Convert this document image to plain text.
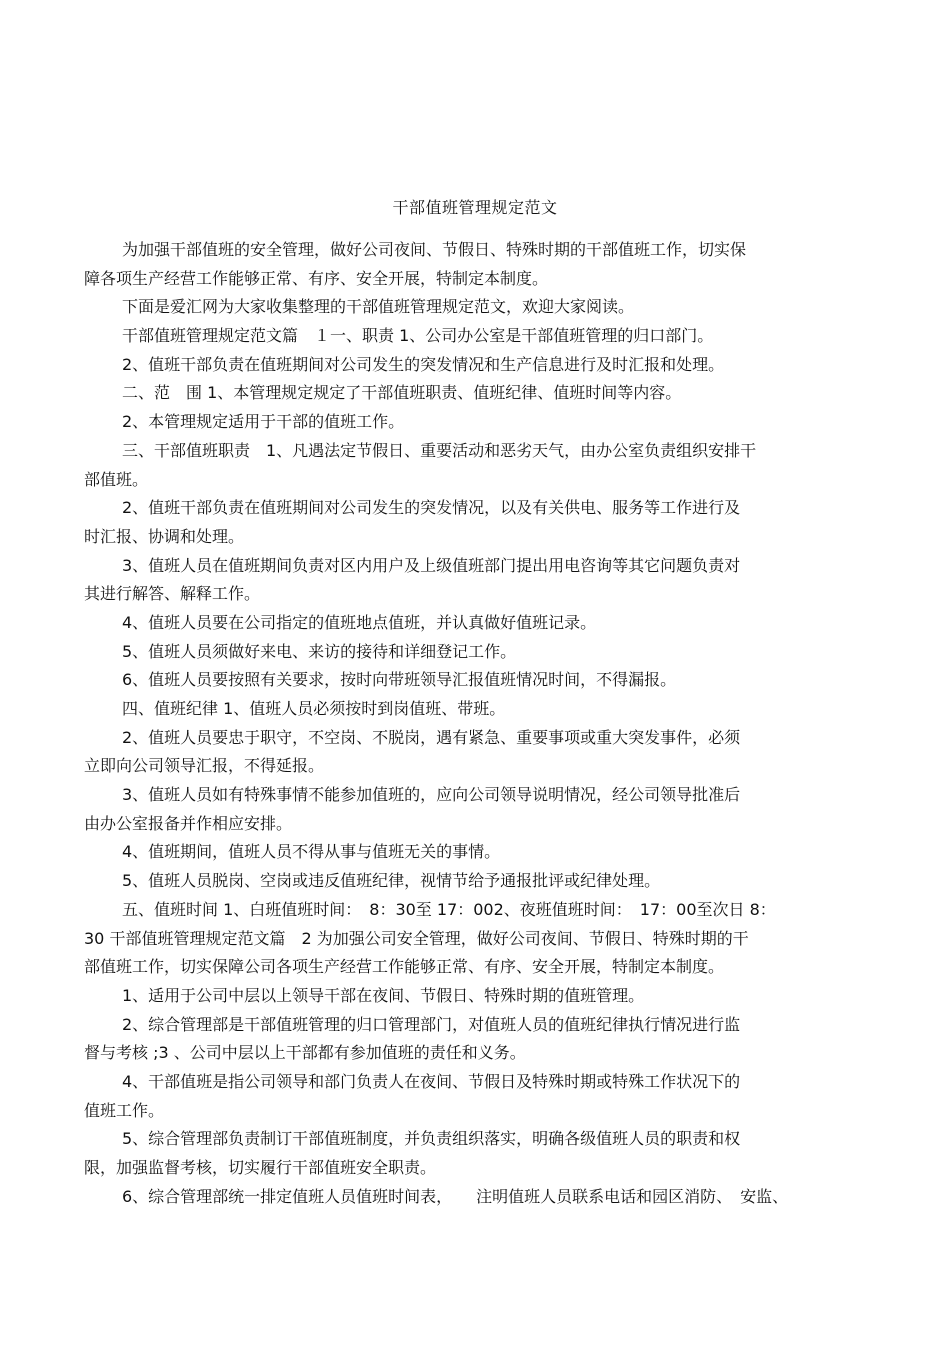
干部值班管理规定范文
为加强干部值班的安全管理，做好公司夜间、节假日、特殊时期的干部值班工作，切实保
障各项生产经营工作能够正常、有序、安全开展，特制定本制度。
下面是爱汇网为大家收集整理的干部值班管理规定范文，欢迎大家阅读。
干部值班管理规定范文篇　１一、职责 1、公司办公室是干部值班管理的归口部门。
2、值班干部负责在值班期间对公司发生的突发情况和生产信息进行及时汇报和处理。
二、范　围 1、本管理规定规定了干部值班职责、值班纪律、值班时间等内容。
2、本管理规定适用于干部的值班工作。
三、干部值班职责　1、凡遇法定节假日、重要活动和恶劣天气，由办公室负责组织安排干
部值班。
2、值班干部负责在值班期间对公司发生的突发情况，以及有关供电、服务等工作进行及
时汇报、协调和处理。
3、值班人员在值班期间负责对区内用户及上级值班部门提出用电咨询等其它问题负责对
其进行解答、解释工作。
4、值班人员要在公司指定的值班地点值班，并认真做好值班记录。
5、值班人员须做好来电、来访的接待和详细登记工作。
6、值班人员要按照有关要求，按时向带班领导汇报值班情况时间，不得漏报。
四、值班纪律 1、值班人员必须按时到岗值班、带班。
2、值班人员要忠于职守，不空岗、不脱岗，遇有紧急、重要事项或重大突发事件，必须
立即向公司领导汇报，不得延报。
3、值班人员如有特殊事情不能参加值班的，应向公司领导说明情况，经公司领导批准后
由办公室报备并作相应安排。
4、值班期间，值班人员不得从事与值班无关的事情。
5、值班人员脱岗、空岗或违反值班纪律，视情节给予通报批评或纪律处理。
五、值班时间 1、白班值班时间：　8：30至 17：002、夜班值班时间：　17：00至次日 8：
30 干部值班管理规定范文篇　2 为加强公司安全管理，做好公司夜间、节假日、特殊时期的干
部值班工作，切实保障公司各项生产经营工作能够正常、有序、安全开展，特制定本制度。
1、适用于公司中层以上领导干部在夜间、节假日、特殊时期的值班管理。
2、综合管理部是干部值班管理的归口管理部门，对值班人员的值班纪律执行情况进行监
督与考核 ;3 、公司中层以上干部都有参加值班的责任和义务。
4、干部值班是指公司领导和部门负责人在夜间、节假日及特殊时期或特殊工作状况下的
值班工作。
5、综合管理部负责制订干部值班制度，并负责组织落实，明确各级值班人员的职责和权
限，加强监督考核，切实履行干部值班安全职责。
6、综合管理部统一排定值班人员值班时间表，　　注明值班人员联系电话和园区消防、　安监、
